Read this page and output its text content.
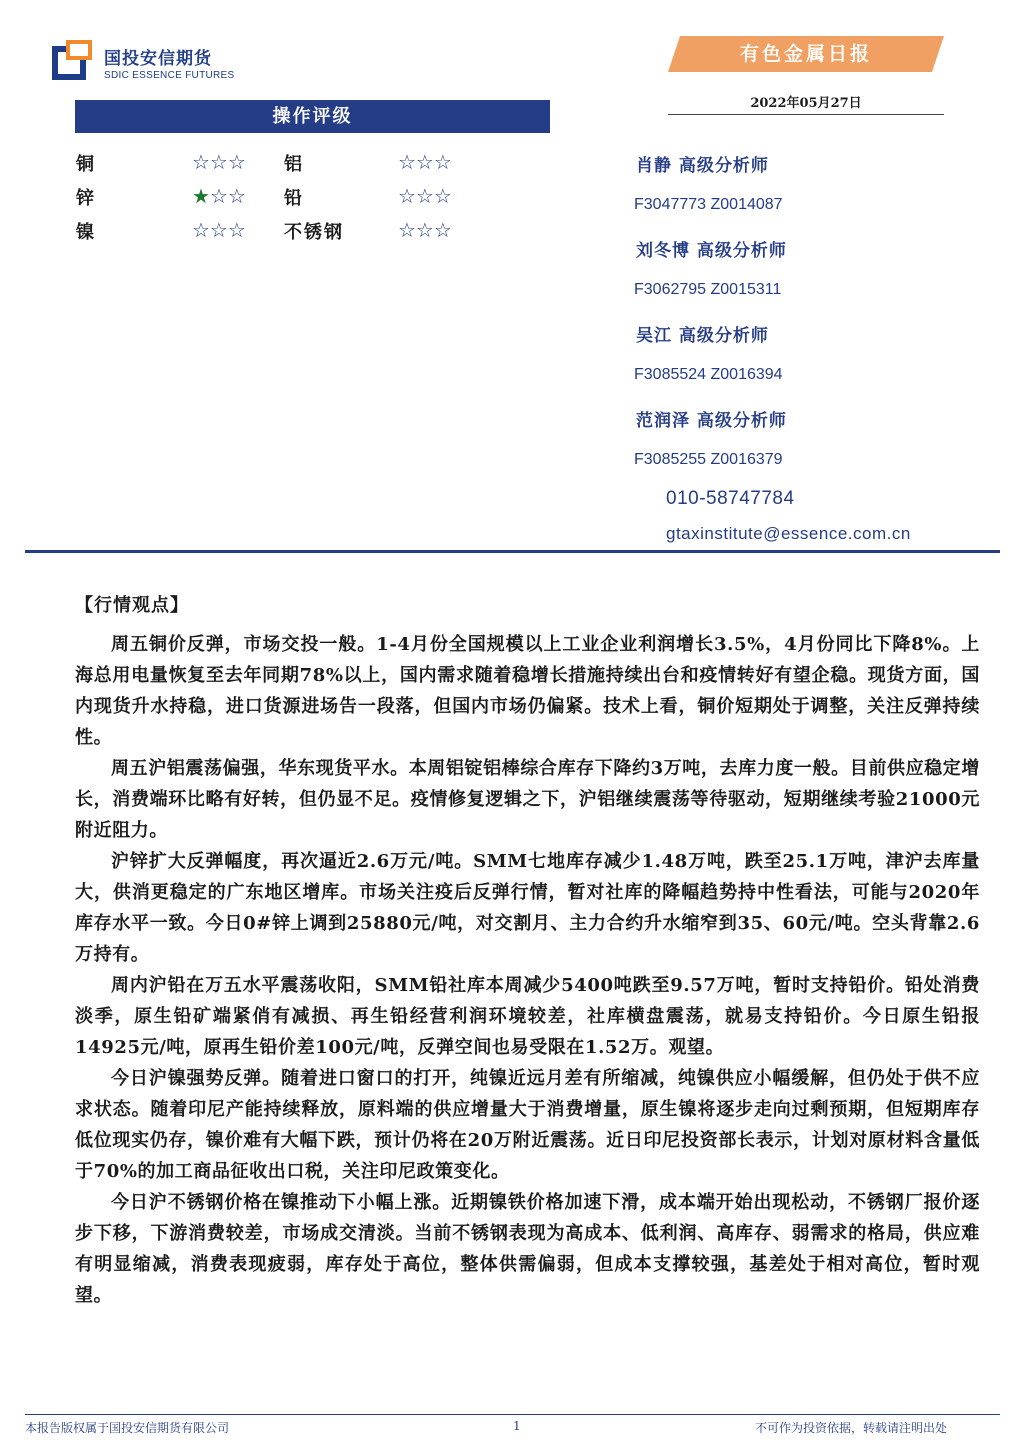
国投安信期货
SDIC ESSENCE FUTURES
有色金属日报
2022年05月27日
操作评级
铜	☆☆☆ 铝	☆☆☆
锌	★☆☆ 铅	☆☆☆
镍	☆☆☆ 不锈钢	☆☆☆
肖静 高级分析师
F3047773 Z0014087
刘冬博 高级分析师
F3062795 Z0015311
吴江 高级分析师
F3085524 Z0016394
范润泽 高级分析师
F3085255 Z0016379
010-58747784
gtaxinstitute@essence.com.cn
【行情观点】

周五铜价反弹，市场交投一般。1-4月份全国规模以上工业企业利润增长3.5%，4月份同比下降8%。上海总用电量恢复至去年同期78%以上，国内需求随着稳增长措施持续出台和疫情转好有望企稳。现货方面，国内现货升水持稳，进口货源进场告一段落，但国内市场仍偏紧。技术上看，铜价短期处于调整，关注反弹持续性。

周五沪铝震荡偏强，华东现货平水。本周铝锭铝棒综合库存下降约3万吨，去库力度一般。目前供应稳定增长，消费端环比略有好转，但仍显不足。疫情修复逻辑之下，沪铝继续震荡等待驱动，短期继续考验21000元附近阻力。

沪锌扩大反弹幅度，再次逼近2.6万元/吨。SMM七地库存减少1.48万吨，跌至25.1万吨，津沪去库量大，供消更稳定的广东地区增库。市场关注疫后反弹行情，暂对社库的降幅趋势持中性看法，可能与2020年库存水平一致。今日0#锌上调到25880元/吨，对交割月、主力合约升水缩窄到35、60元/吨。空头背靠2.6万持有。

周内沪铅在万五水平震荡收阳，SMM铅社库本周减少5400吨跌至9.57万吨，暂时支持铅价。铅处消费淡季，原生铅矿端紧俏有减损、再生铅经营利润环境较差，社库横盘震荡，就易支持铅价。今日原生铅报14925元/吨，原再生铅价差100元/吨，反弹空间也易受限在1.52万。观望。

今日沪镍强势反弹。随着进口窗口的打开，纯镍近远月差有所缩减，纯镍供应小幅缓解，但仍处于供不应求状态。随着印尼产能持续释放，原料端的供应增量大于消费增量，原生镍将逐步走向过剩预期，但短期库存低位现实仍存，镍价难有大幅下跌，预计仍将在20万附近震荡。近日印尼投资部长表示，计划对原材料含量低于70%的加工商品征收出口税，关注印尼政策变化。

今日沪不锈钢价格在镍推动下小幅上涨。近期镍铁价格加速下滑，成本端开始出现松动，不锈钢厂报价逐步下移，下游消费较差，市场成交清淡。当前不锈钢表现为高成本、低利润、高库存、弱需求的格局，供应难有明显缩减，消费表现疲弱，库存处于高位，整体供需偏弱，但成本支撑较强，基差处于相对高位，暂时观望。

本报告版权属于国投安信期货有限公司	1	不可作为投资依据，转载请注明出处
